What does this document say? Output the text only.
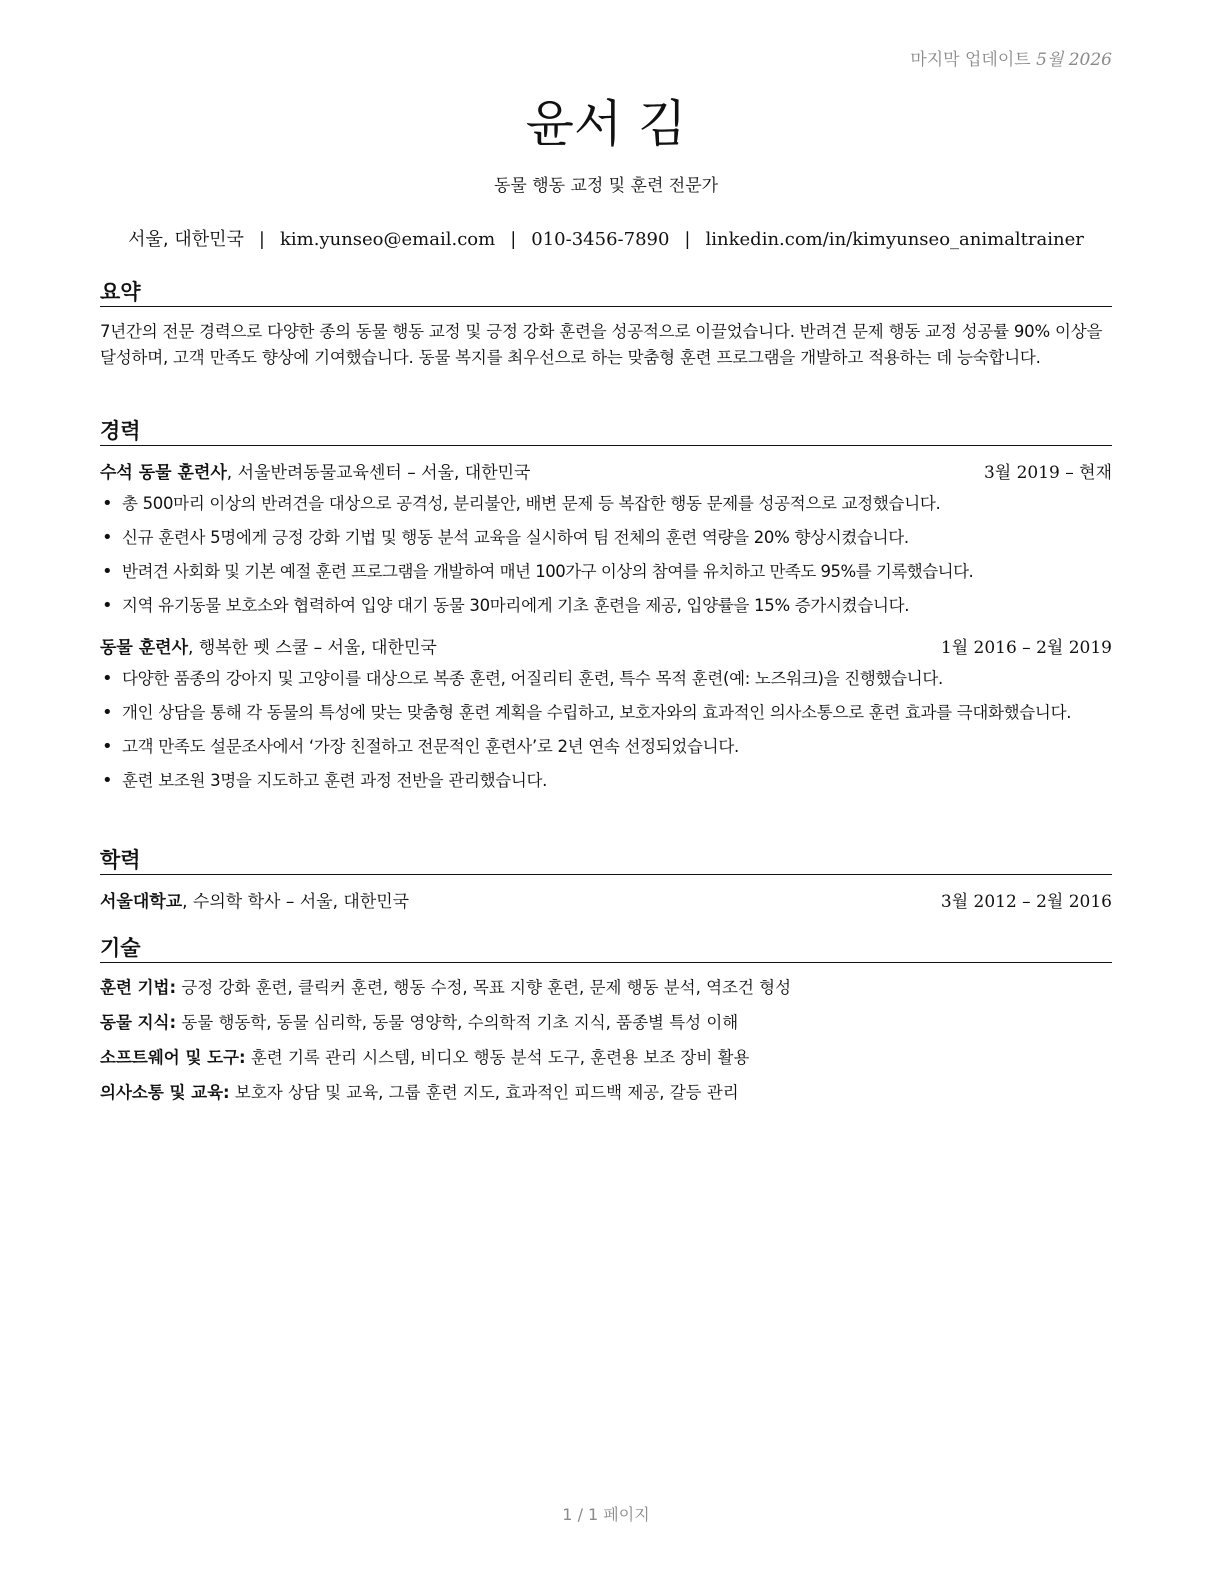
마지막 업데이트 5월 2026
윤서 김
동물 행동 교정 및 훈련 전문가
서울, 대한민국 | kim.yunseo@email.com | 010-3456-7890 | linkedin.com/in/kimyunseo_animaltrainer
요약
7년간의 전문 경력으로 다양한 종의 동물 행동 교정 및 긍정 강화 훈련을 성공적으로 이끌었습니다. 반려견 문제 행동 교정 성공률 90% 이상을 달성하며, 고객 만족도 향상에 기여했습니다. 동물 복지를 최우선으로 하는 맞춤형 훈련 프로그램을 개발하고 적용하는 데 능숙합니다.
경력
수석 동물 훈련사, 서울반려동물교육센터 – 서울, 대한민국	3월 2019 – 현재
• 총 500마리 이상의 반려견을 대상으로 공격성, 분리불안, 배변 문제 등 복잡한 행동 문제를 성공적으로 교정했습니다.
• 신규 훈련사 5명에게 긍정 강화 기법 및 행동 분석 교육을 실시하여 팀 전체의 훈련 역량을 20% 향상시켰습니다.
• 반려견 사회화 및 기본 예절 훈련 프로그램을 개발하여 매년 100가구 이상의 참여를 유치하고 만족도 95%를 기록했습니다.
• 지역 유기동물 보호소와 협력하여 입양 대기 동물 30마리에게 기초 훈련을 제공, 입양률을 15% 증가시켰습니다.
동물 훈련사, 행복한 펫 스쿨 – 서울, 대한민국	1월 2016 – 2월 2019
• 다양한 품종의 강아지 및 고양이를 대상으로 복종 훈련, 어질리티 훈련, 특수 목적 훈련(예: 노즈워크)을 진행했습니다.
• 개인 상담을 통해 각 동물의 특성에 맞는 맞춤형 훈련 계획을 수립하고, 보호자와의 효과적인 의사소통으로 훈련 효과를 극대화했습니다.
• 고객 만족도 설문조사에서 ‘가장 친절하고 전문적인 훈련사’로 2년 연속 선정되었습니다.
• 훈련 보조원 3명을 지도하고 훈련 과정 전반을 관리했습니다.
학력
서울대학교, 수의학 학사 – 서울, 대한민국	3월 2012 – 2월 2016
기술
훈련 기법: 긍정 강화 훈련, 클릭커 훈련, 행동 수정, 목표 지향 훈련, 문제 행동 분석, 역조건 형성
동물 지식: 동물 행동학, 동물 심리학, 동물 영양학, 수의학적 기초 지식, 품종별 특성 이해
소프트웨어 및 도구: 훈련 기록 관리 시스템, 비디오 행동 분석 도구, 훈련용 보조 장비 활용
의사소통 및 교육: 보호자 상담 및 교육, 그룹 훈련 지도, 효과적인 피드백 제공, 갈등 관리
1 / 1 페이지
